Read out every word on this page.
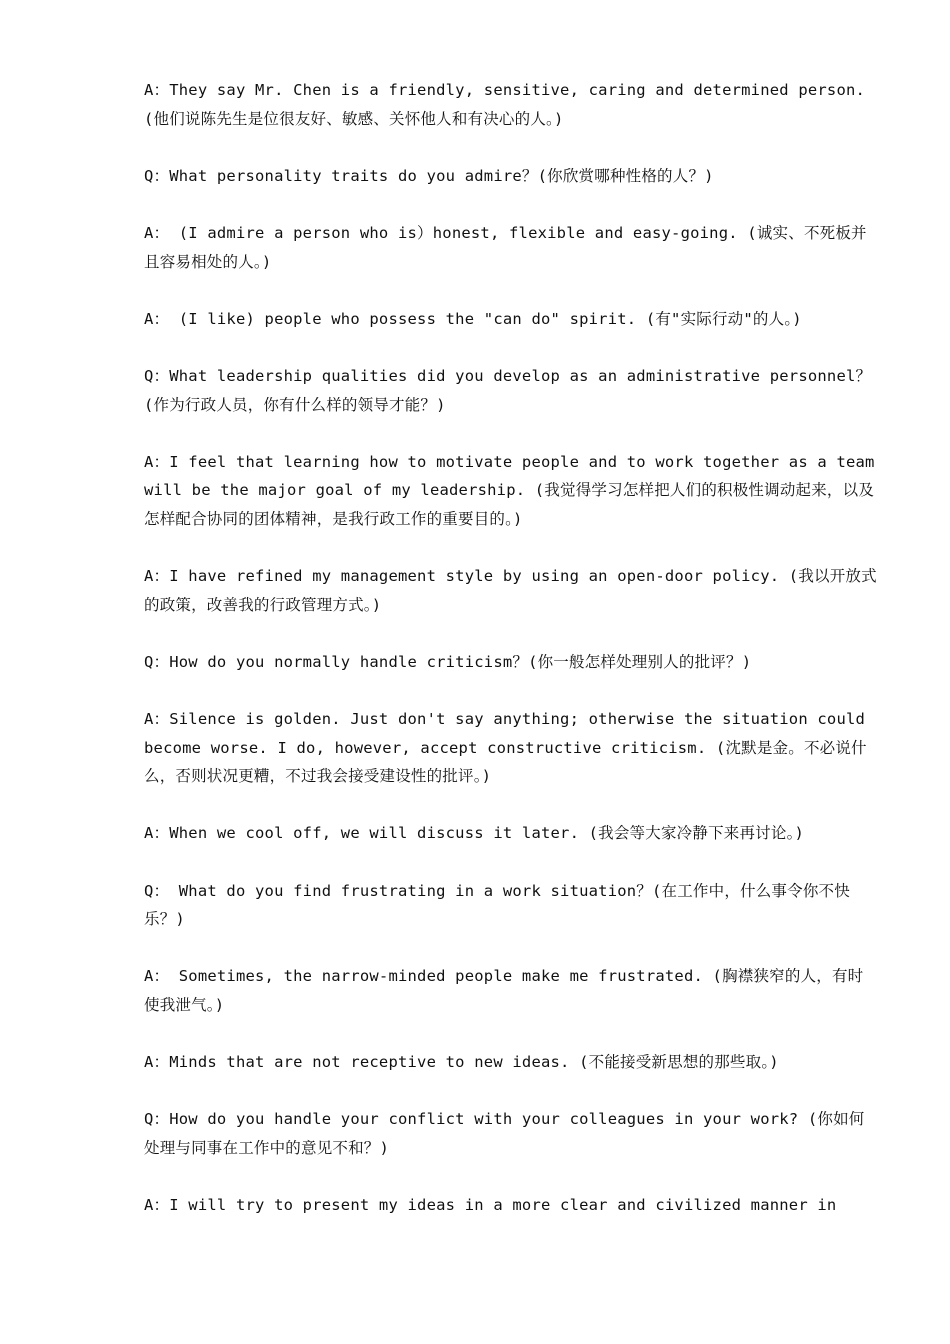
A：They say Mr. Chen is a friendly, sensitive, caring and determined person.(他们说陈先生是位很友好、敏感、关怀他人和有决心的人。)

Q：What personality traits do you admire？(你欣赏哪种性格的人？)

A： (I admire a person who is）honest, flexible and easy-going. (诚实、不死板并且容易相处的人。)

A： (I like) people who possess the "can do" spirit. (有"实际行动"的人。)

Q：What leadership qualities did you develop as an administrative personnel？(作为行政人员，你有什么样的领导才能？)

A：I feel that learning how to motivate people and to work together as a team will be the major goal of my leadership. (我觉得学习怎样把人们的积极性调动起来，以及怎样配合协同的团体精神，是我行政工作的重要目的。)

A：I have refined my management style by using an open-door policy. (我以开放式的政策，改善我的行政管理方式。)

Q：How do you normally handle criticism？(你一般怎样处理别人的批评？)

A：Silence is golden. Just don't say anything; otherwise the situation could become worse. I do, however, accept constructive criticism. (沈默是金。不必说什么，否则状况更糟，不过我会接受建设性的批评。)

A：When we cool off, we will discuss it later. (我会等大家冷静下来再讨论。)

Q： What do you find frustrating in a work situation？(在工作中，什么事令你不快乐？)

A： Sometimes, the narrow-minded people make me frustrated. (胸襟狭窄的人，有时使我泄气。)

A：Minds that are not receptive to new ideas. (不能接受新思想的那些取。)

Q：How do you handle your conflict with your colleagues in your work? (你如何处理与同事在工作中的意见不和？)

A：I will try to present my ideas in a more clear and civilized manner in
